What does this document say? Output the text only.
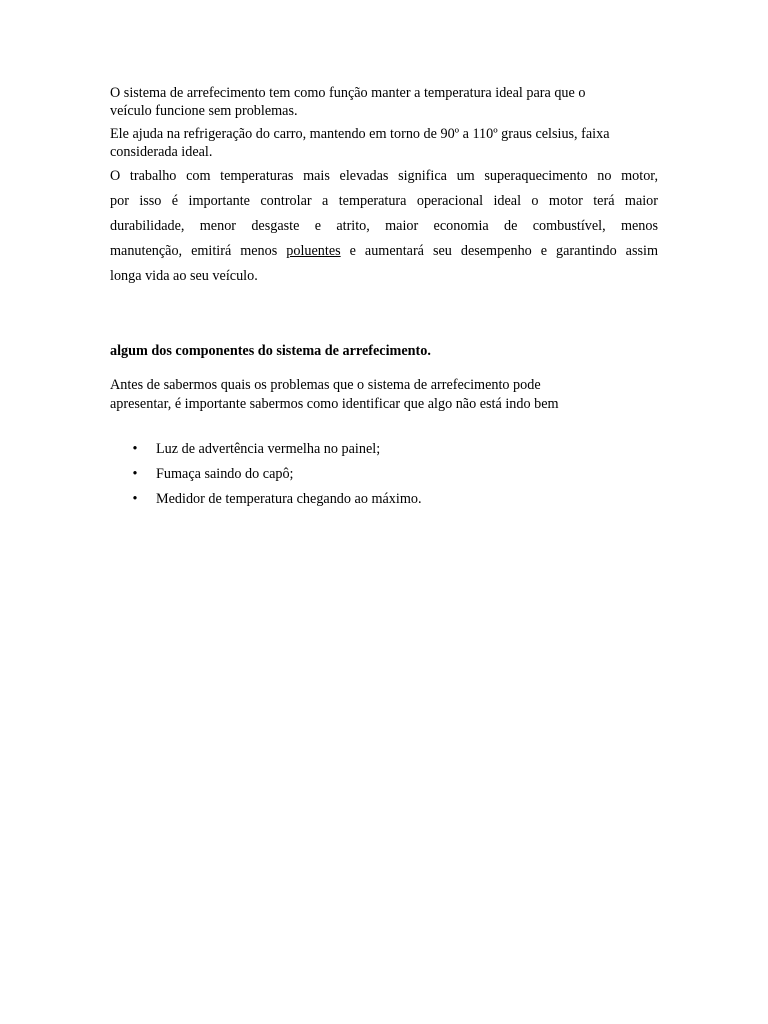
O sistema de arrefecimento tem como função manter a temperatura ideal para que o
veículo funcione sem problemas.

Ele ajuda na refrigeração do carro, mantendo em torno de 90º a 110º graus celsius, faixa
considerada ideal.

O trabalho com temperaturas mais elevadas significa um superaquecimento no motor,
por isso é importante controlar a temperatura operacional ideal o motor terá maior
durabilidade, menor desgaste e atrito, maior economia de combustível, menos
manutenção, emitirá menos poluentes e aumentará seu desempenho e garantindo assim
longa vida ao seu veículo.

algum dos componentes do sistema de arrefecimento.

Antes de sabermos quais os problemas que o sistema de arrefecimento pode
apresentar, é importante sabermos como identificar que algo não está indo bem

• Luz de advertência vermelha no painel;
• Fumaça saindo do capô;
• Medidor de temperatura chegando ao máximo.
